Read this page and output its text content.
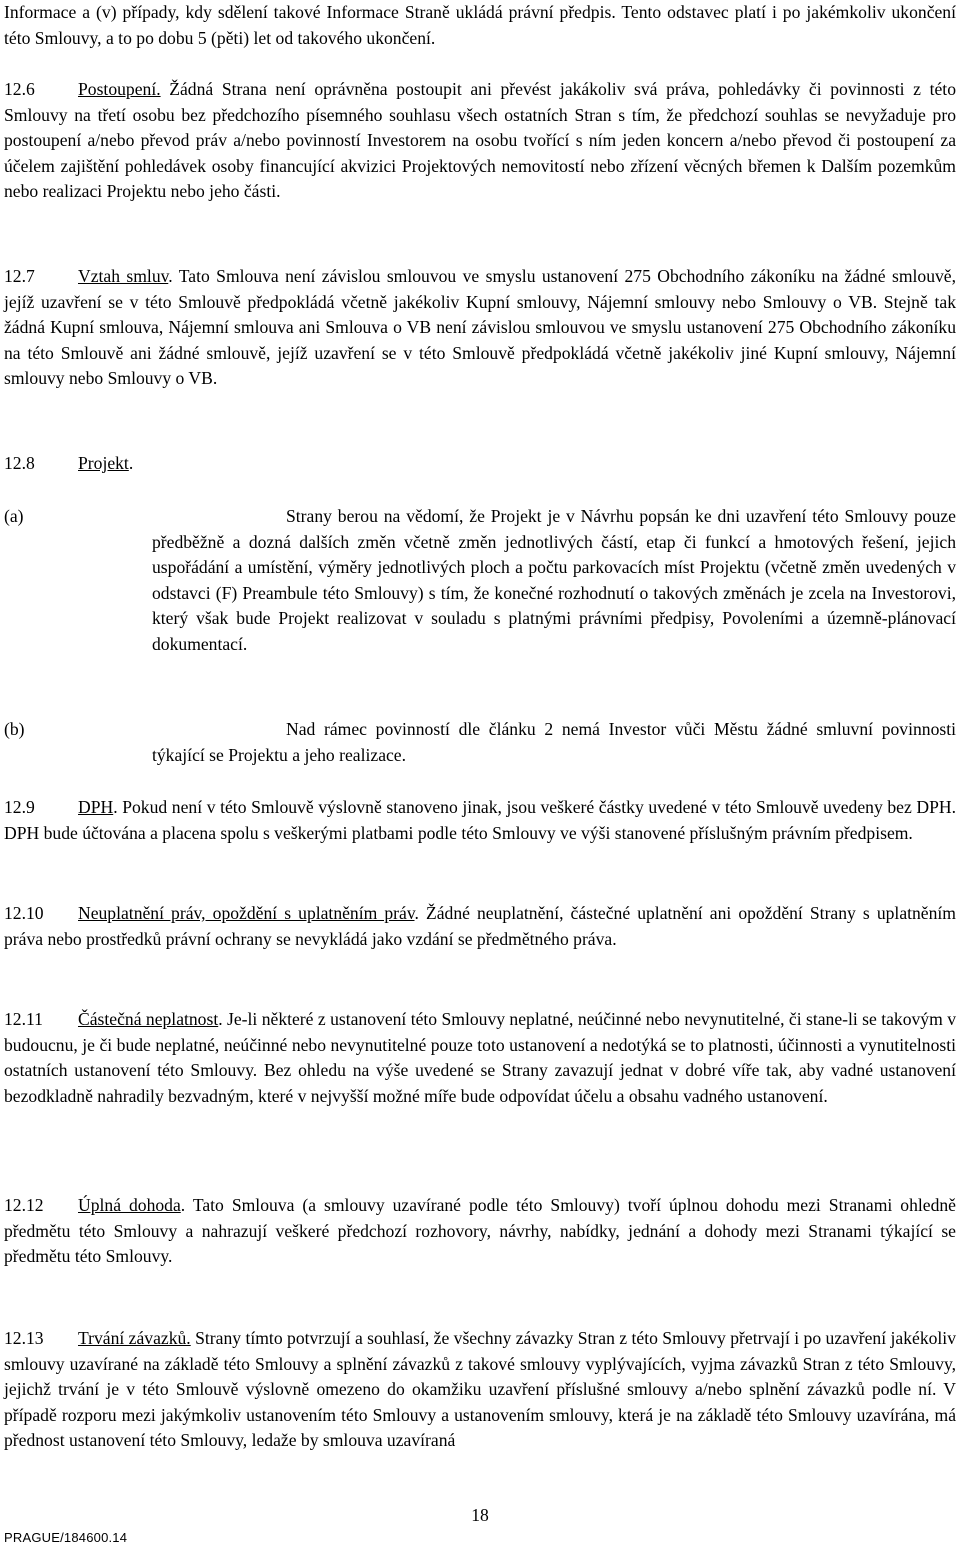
Informace a (v) případy, kdy sdělení takové Informace Straně ukládá právní předpis. Tento odstavec platí i po jakémkoliv ukončení této Smlouvy, a to po dobu 5 (pěti) let od takového ukončení.

12.6 Postoupení. Žádná Strana není oprávněna postoupit ani převést jakákoliv svá práva, pohledávky či povinnosti z této Smlouvy na třetí osobu bez předchozího písemného souhlasu všech ostatních Stran s tím, že předchozí souhlas se nevyžaduje pro postoupení a/nebo převod práv a/nebo povinností Investorem na osobu tvořící s ním jeden koncern a/nebo převod či postoupení za účelem zajištění pohledávek osoby financující akvizici Projektových nemovitostí nebo zřízení věcných břemen k Dalším pozemkům nebo realizaci Projektu nebo jeho části.

12.7 Vztah smluv. Tato Smlouva není závislou smlouvou ve smyslu ustanovení 275 Obchodního zákoníku na žádné smlouvě, jejíž uzavření se v této Smlouvě předpokládá včetně jakékoliv Kupní smlouvy, Nájemní smlouvy nebo Smlouvy o VB. Stejně tak žádná Kupní smlouva, Nájemní smlouva ani Smlouva o VB není závislou smlouvou ve smyslu ustanovení 275 Obchodního zákoníku na této Smlouvě ani žádné smlouvě, jejíž uzavření se v této Smlouvě předpokládá včetně jakékoliv jiné Kupní smlouvy, Nájemní smlouvy nebo Smlouvy o VB.

12.8 Projekt.

(a)	Strany berou na vědomí, že Projekt je v Návrhu popsán ke dni uzavření této Smlouvy pouze předběžně a dozná dalších změn včetně změn jednotlivých částí, etap či funkcí a hmotových řešení, jejich uspořádání a umístění, výměry jednotlivých ploch a počtu parkovacích míst Projektu (včetně změn uvedených v odstavci (F) Preambule této Smlouvy) s tím, že konečné rozhodnutí o takových změnách je zcela na Investorovi, který však bude Projekt realizovat v souladu s platnými právními předpisy, Povoleními a územně-plánovací dokumentací.

(b)	Nad rámec povinností dle článku 2 nemá Investor vůči Městu žádné smluvní povinnosti týkající se Projektu a jeho realizace.

12.9 DPH. Pokud není v této Smlouvě výslovně stanoveno jinak, jsou veškeré částky uvedené v této Smlouvě uvedeny bez DPH. DPH bude účtována a placena spolu s veškerými platbami podle této Smlouvy ve výši stanovené příslušným právním předpisem.

12.10 Neuplatnění práv, opoždění s uplatněním práv. Žádné neuplatnění, částečné uplatnění ani opoždění Strany s uplatněním práva nebo prostředků právní ochrany se nevykládá jako vzdání se předmětného práva.

12.11 Částečná neplatnost. Je-li některé z ustanovení této Smlouvy neplatné, neúčinné nebo nevynutitelné, či stane-li se takovým v budoucnu, je či bude neplatné, neúčinné nebo nevynutitelné pouze toto ustanovení a nedotýká se to platnosti, účinnosti a vynutitelnosti ostatních ustanovení této Smlouvy. Bez ohledu na výše uvedené se Strany zavazují jednat v dobré víře tak, aby vadné ustanovení bezodkladně nahradily bezvadným, které v nejvyšší možné míře bude odpovídat účelu a obsahu vadného ustanovení.

12.12 Úplná dohoda. Tato Smlouva (a smlouvy uzavírané podle této Smlouvy) tvoří úplnou dohodu mezi Stranami ohledně předmětu této Smlouvy a nahrazují veškeré předchozí rozhovory, návrhy, nabídky, jednání a dohody mezi Stranami týkající se předmětu této Smlouvy.

12.13 Trvání závazků. Strany tímto potvrzují a souhlasí, že všechny závazky Stran z této Smlouvy přetrvají i po uzavření jakékoliv smlouvy uzavírané na základě této Smlouvy a splnění závazků z takové smlouvy vyplývajících, vyjma závazků Stran z této Smlouvy, jejichž trvání je v této Smlouvě výslovně omezeno do okamžiku uzavření příslušné smlouvy a/nebo splnění závazků podle ní. V případě rozporu mezi jakýmkoliv ustanovením této Smlouvy a ustanovením smlouvy, která je na základě této Smlouvy uzavírána, má přednost ustanovení této Smlouvy, ledaže by smlouva uzavíraná

18
PRAGUE/184600.14
